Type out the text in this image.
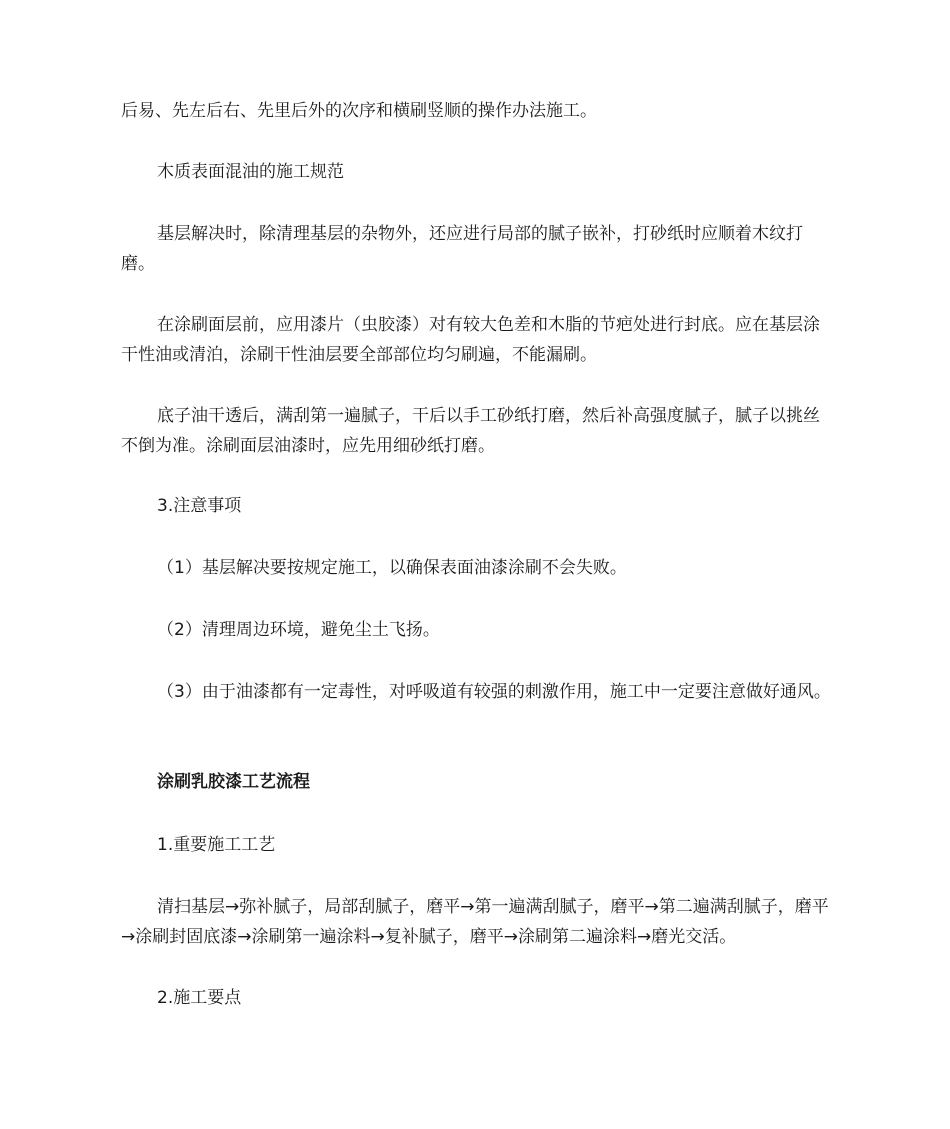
后易、先左后右、先里后外的次序和横刷竖顺的操作办法施工。

木质表面混油的施工规范

基层解决时，除清理基层的杂物外，还应进行局部的腻子嵌补，打砂纸时应顺着木纹打磨。

在涂刷面层前，应用漆片（虫胶漆）对有较大色差和木脂的节疤处进行封底。应在基层涂干性油或清泊，涂刷干性油层要全部部位均匀刷遍，不能漏刷。

底子油干透后，满刮第一遍腻子，干后以手工砂纸打磨，然后补高强度腻子，腻子以挑丝不倒为准。涂刷面层油漆时，应先用细砂纸打磨。

3.注意事项

（1）基层解决要按规定施工，以确保表面油漆涂刷不会失败。

（2）清理周边环境，避免尘土飞扬。

（3）由于油漆都有一定毒性，对呼吸道有较强的刺激作用，施工中一定要注意做好通风。

涂刷乳胶漆工艺流程

1.重要施工工艺

清扫基层→弥补腻子，局部刮腻子，磨平→第一遍满刮腻子，磨平→第二遍满刮腻子，磨平→涂刷封固底漆→涂刷第一遍涂料→复补腻子，磨平→涂刷第二遍涂料→磨光交活。

2.施工要点
